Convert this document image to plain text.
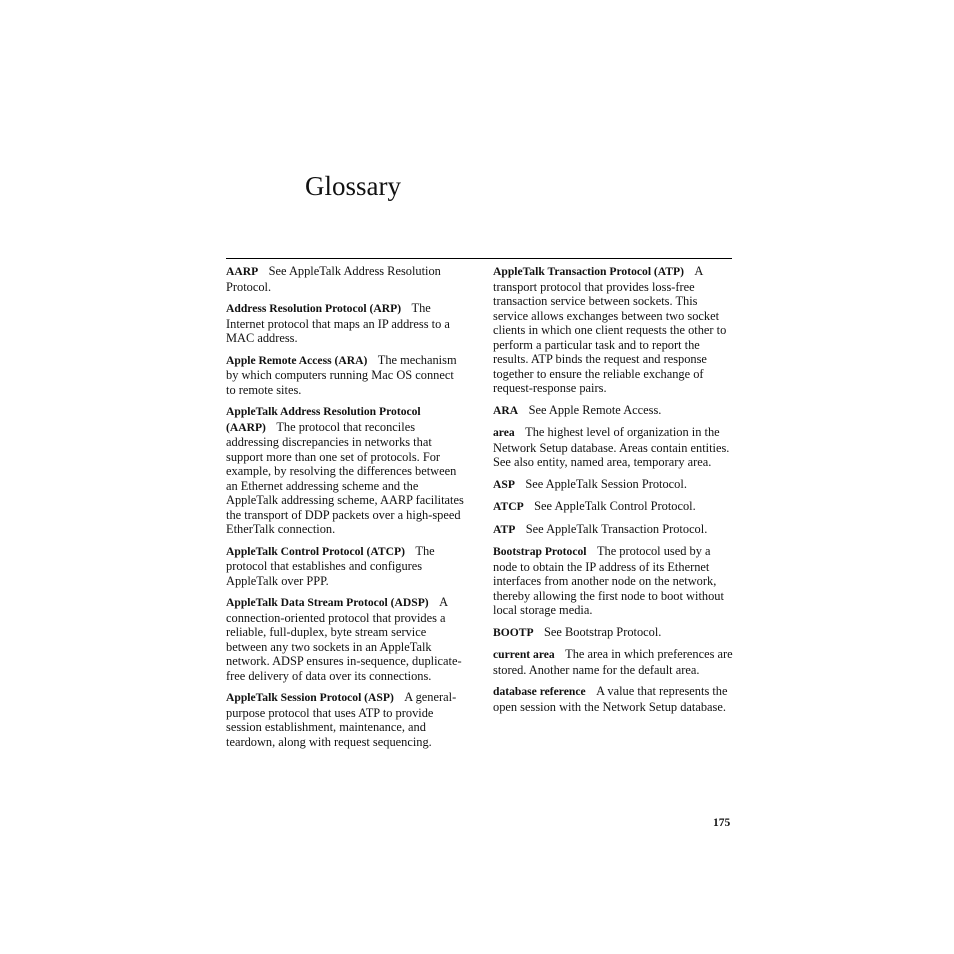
Glossary

AARP See AppleTalk Address Resolution Protocol.

Address Resolution Protocol (ARP) The Internet protocol that maps an IP address to a MAC address.

Apple Remote Access (ARA) The mechanism by which computers running Mac OS connect to remote sites.

AppleTalk Address Resolution Protocol (AARP) The protocol that reconciles addressing discrepancies in networks that support more than one set of protocols. For example, by resolving the differences between an Ethernet addressing scheme and the AppleTalk addressing scheme, AARP facilitates the transport of DDP packets over a high-speed EtherTalk connection.

AppleTalk Control Protocol (ATCP) The protocol that establishes and configures AppleTalk over PPP.

AppleTalk Data Stream Protocol (ADSP) A connection-oriented protocol that provides a reliable, full-duplex, byte stream service between any two sockets in an AppleTalk network. ADSP ensures in-sequence, duplicate-free delivery of data over its connections.

AppleTalk Session Protocol (ASP) A general-purpose protocol that uses ATP to provide session establishment, maintenance, and teardown, along with request sequencing.

AppleTalk Transaction Protocol (ATP) A transport protocol that provides loss-free transaction service between sockets. This service allows exchanges between two socket clients in which one client requests the other to perform a particular task and to report the results. ATP binds the request and response together to ensure the reliable exchange of request-response pairs.

ARA See Apple Remote Access.

area The highest level of organization in the Network Setup database. Areas contain entities. See also entity, named area, temporary area.

ASP See AppleTalk Session Protocol.

ATCP See AppleTalk Control Protocol.

ATP See AppleTalk Transaction Protocol.

Bootstrap Protocol The protocol used by a node to obtain the IP address of its Ethernet interfaces from another node on the network, thereby allowing the first node to boot without local storage media.

BOOTP See Bootstrap Protocol.

current area The area in which preferences are stored. Another name for the default area.

database reference A value that represents the open session with the Network Setup database.

175
